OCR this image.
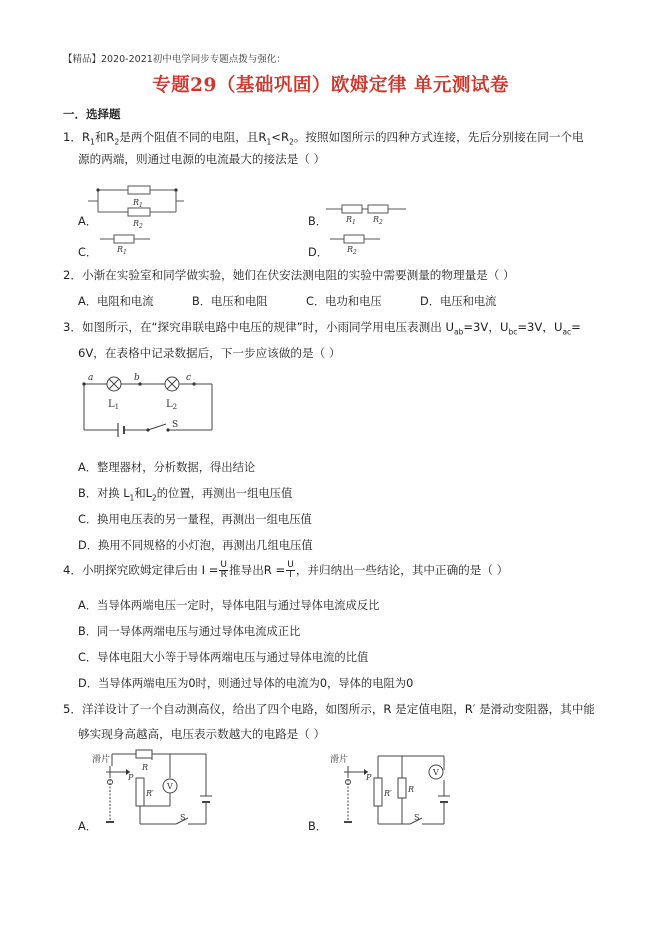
【精品】2020-2021初中电学同步专题点拨与强化：
专题29（基础巩固）欧姆定律 单元测试卷
一．选择题
1．$R_1$和$R_2$是两个阻值不同的电阻，且$R_1<R_2$。按照如图所示的四种方式连接，先后分别接在同一个电
源的两端，则通过电源的电流最大的接法是（ ）
A．
$R_1$
$R_2$	B． $R_1$ $R_2$
C． $R_1$	D． $R_2$
2．小渐在实验室和同学做实验，她们在伏安法测电阻的实验中需要测量的物理量是（ ）
A．电阻和电流	B．电压和电阻	C．电功和电压	D．电压和电流
3．如图所示，在“探究串联电路中电压的规律”时，小雨同学用电压表测出 $U_{ab}=3V$，$U_{bc}=3V$，$U_{ac}=$
6V，在表格中记录数据后，下一步应该做的是（ ）
a	b	c
$L_1$	$L_2$
S
A．整理器材，分析数据，得出结论
B．对换 $L_1$和$L_2$的位置，再测出一组电压值
C．换用电压表的另一量程，再测出一组电压值
D．换用不同规格的小灯泡，再测出几组电压值
4．小明探究欧姆定律后由 $I = \frac{U}{R}$ 推导出$R = \frac{U}{I}$ ，并归纳出一些结论，其中正确的是（ ）
A．当导体两端电压一定时，导体电阻与通过导体电流成反比
B．同一导体两端电压与通过导体电流成正比
C．导体电阻大小等于导体两端电压与通过导体电流的比值
D．当导体两端电压为0时，则通过导体的电流为0，导体的电阻为0
5．洋洋设计了一个自动测高仪，给出了四个电路，如图所示，R 是定值电阻，R′ 是滑动变阻器，其中能
够实现身高越高，电压表示数越大的电路是（ ）
A．
滑片
R
R′
P
S
V
B．
滑片
P
R′
S
R
V
